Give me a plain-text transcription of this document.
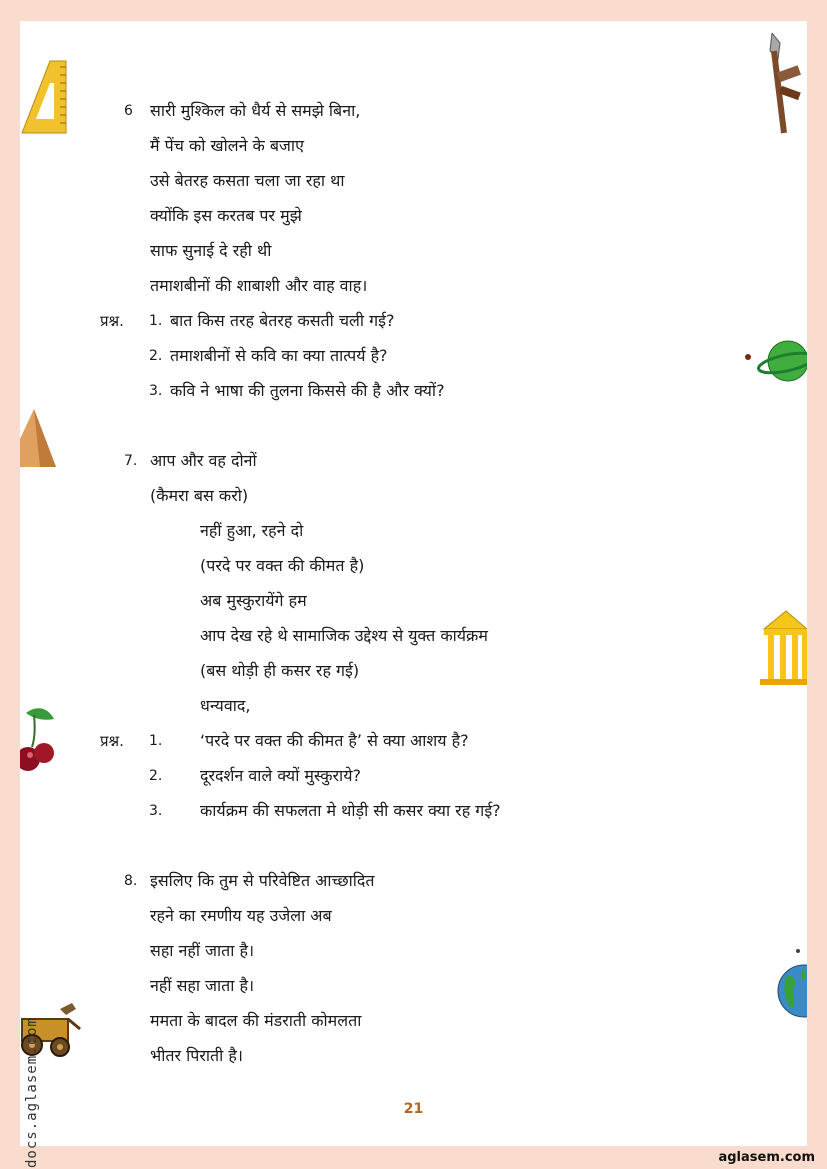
6 सारी मुश्किल को धैर्य से समझे बिना,
मैं पेंच को खोलने के बजाए
उसे बेतरह कसता चला जा रहा था
क्योंकि इस करतब पर मुझे
साफ सुनाई दे रही थी
तमाशबीनों की शाबाशी और वाह वाह।
प्रश्न. 1. बात किस तरह बेतरह कसती चली गई?
2. तमाशबीनों से कवि का क्या तात्पर्य है?
3. कवि ने भाषा की तुलना किससे की है और क्यों?
7. आप और वह दोनों
(कैमरा बस करो)
नहीं हुआ, रहने दो
(परदे पर वक्त की कीमत है)
अब मुस्कुरायेंगे हम
आप देख रहे थे सामाजिक उद्देश्य से युक्त कार्यक्रम
(बस थोड़ी ही कसर रह गई)
धन्यवाद,
प्रश्न. 1. ‘परदे पर वक्त की कीमत है’ से क्या आशय है?
2. दूरदर्शन वाले क्यों मुस्कुराये?
3. कार्यक्रम की सफलता मे थोड़ी सी कसर क्या रह गई?
8. इसलिए कि तुम से परिवेष्टित आच्छादित
रहने का रमणीय यह उजेला अब
सहा नहीं जाता है।
नहीं सहा जाता है।
ममता के बादल की मंडराती कोमलता
भीतर पिराती है।
21
docs.aglasem.com	aglasem.com
